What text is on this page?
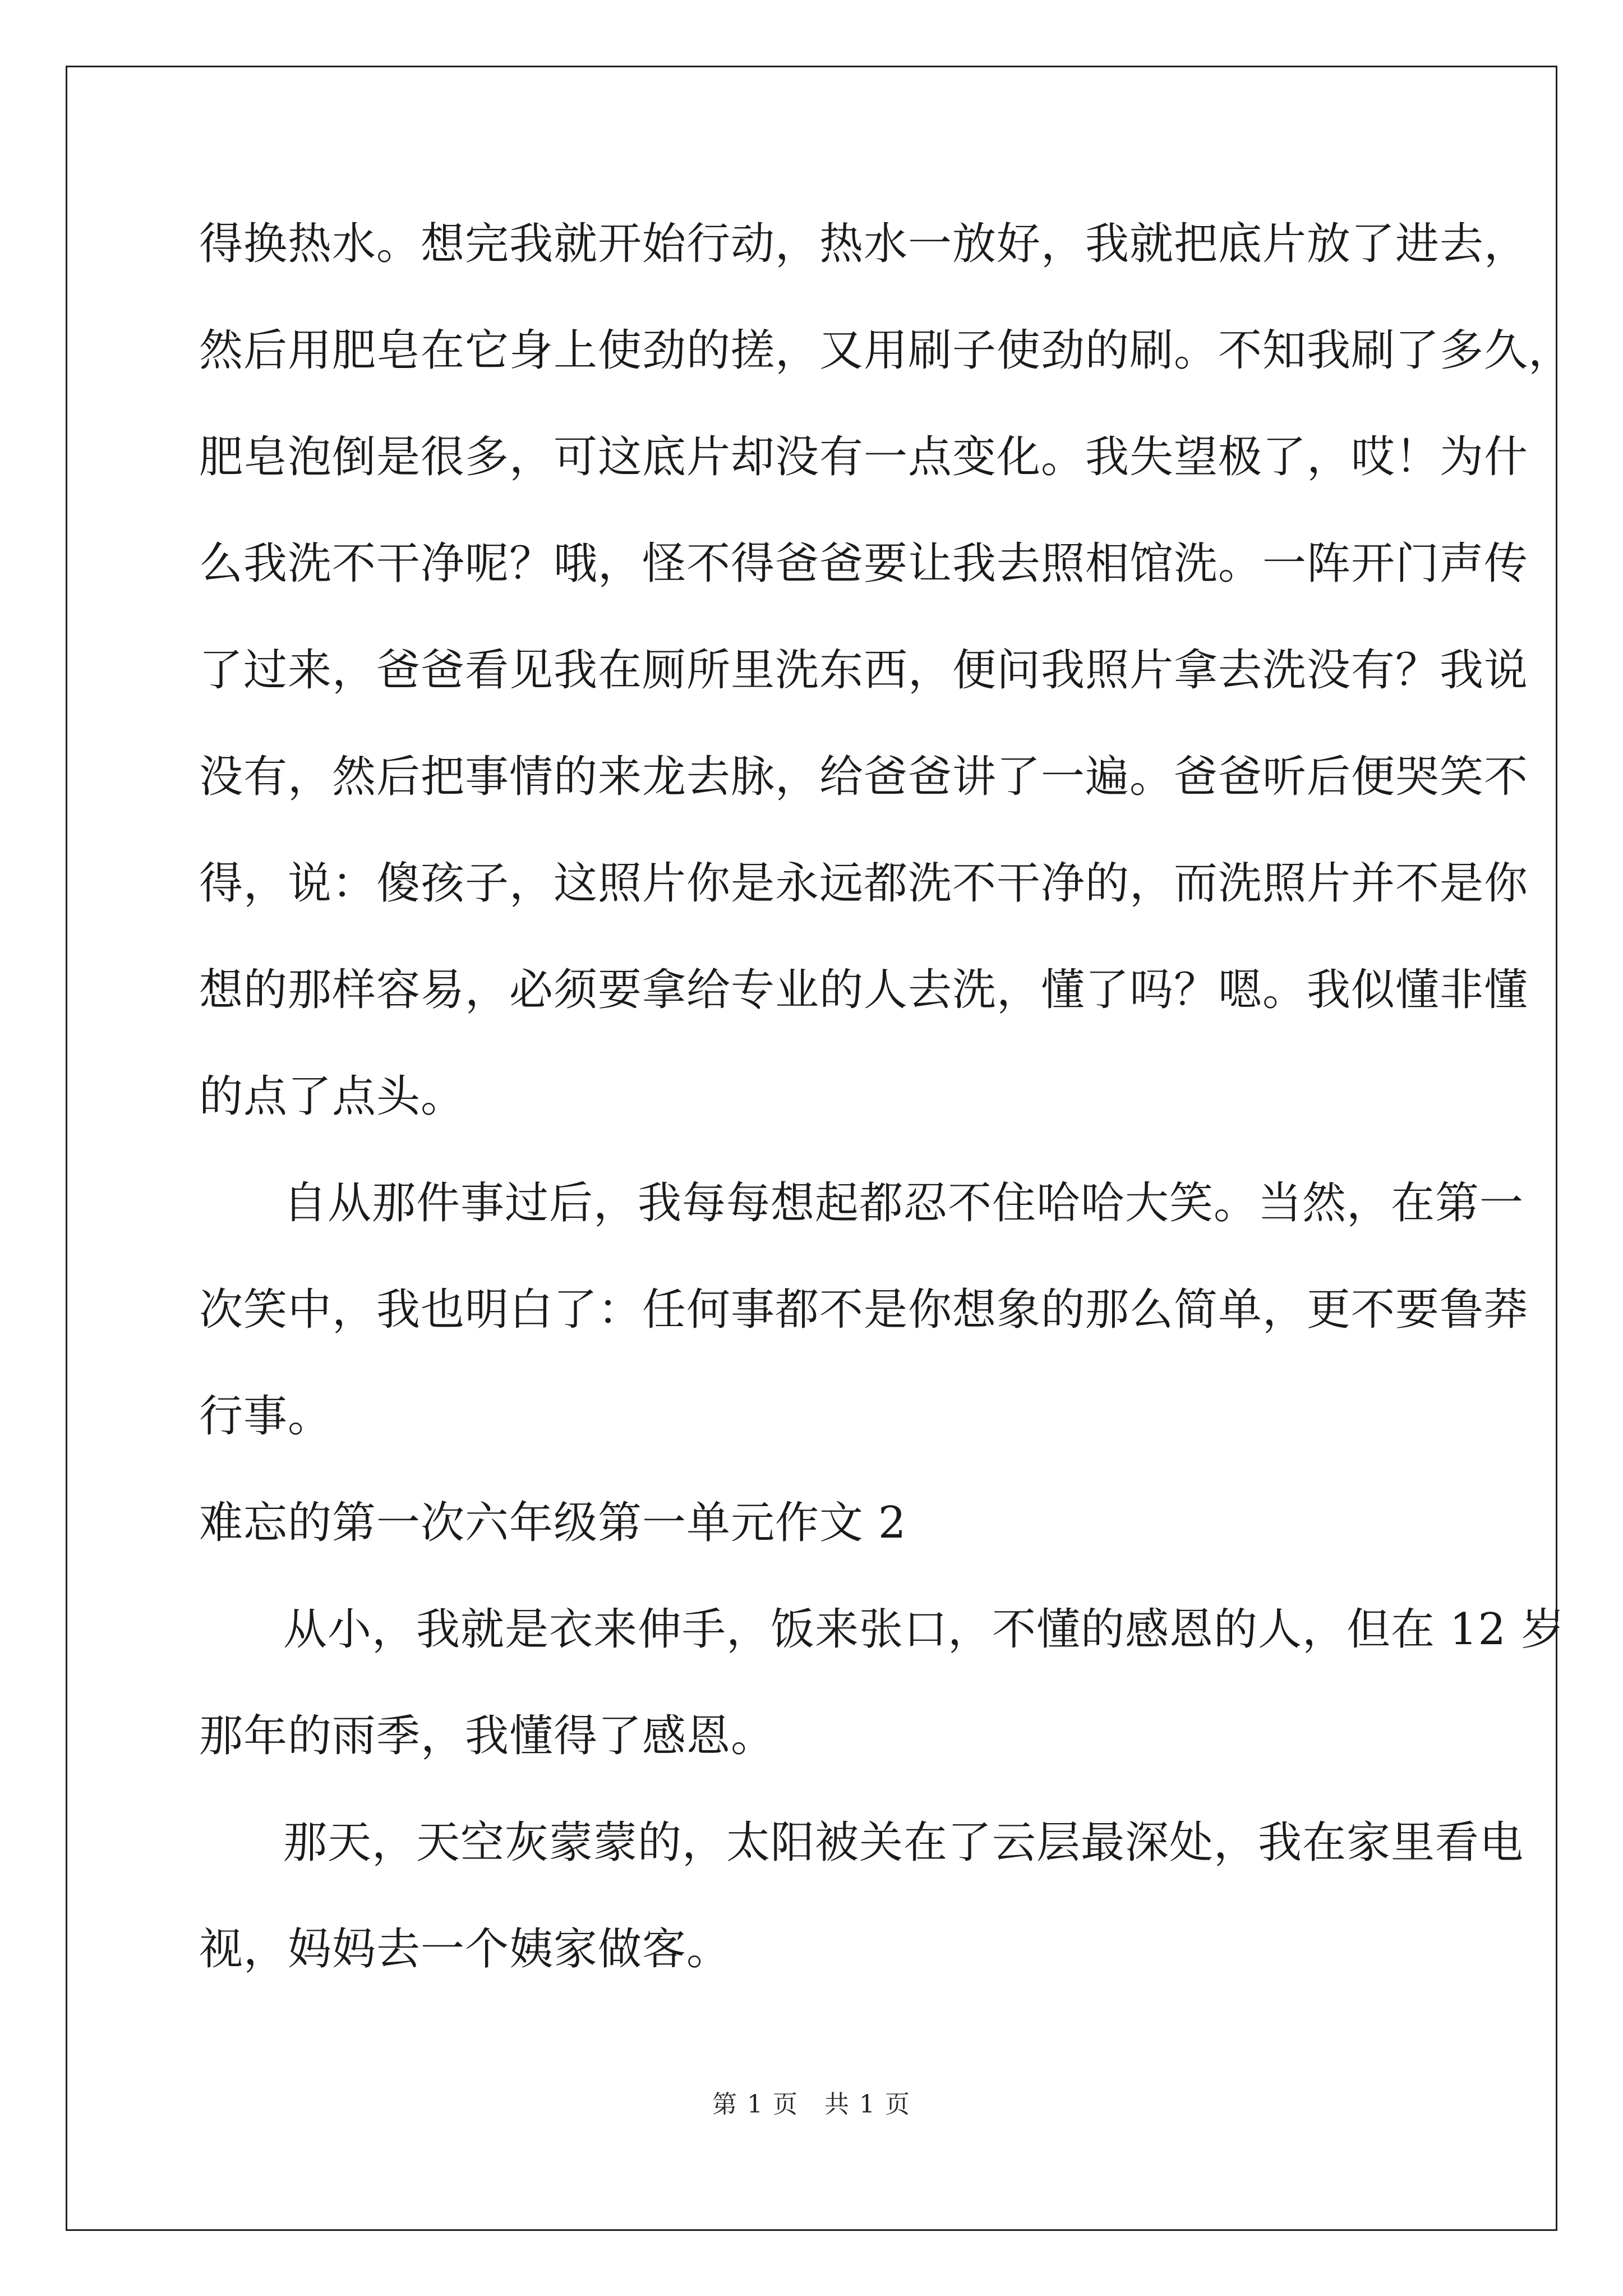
得换热水。想完我就开始行动，热水一放好，我就把底片放了进去，
然后用肥皂在它身上使劲的搓，又用刷子使劲的刷。不知我刷了多久，
肥皂泡倒是很多，可这底片却没有一点变化。我失望极了，哎！为什
么我洗不干净呢？哦，怪不得爸爸要让我去照相馆洗。一阵开门声传
了过来，爸爸看见我在厕所里洗东西，便问我照片拿去洗没有？我说
没有，然后把事情的来龙去脉，给爸爸讲了一遍。爸爸听后便哭笑不
得，说：傻孩子，这照片你是永远都洗不干净的，而洗照片并不是你
想的那样容易，必须要拿给专业的人去洗，懂了吗？嗯。我似懂非懂
的点了点头。
自从那件事过后，我每每想起都忍不住哈哈大笑。当然，在第一
次笑中，我也明白了：任何事都不是你想象的那么简单，更不要鲁莽
行事。
难忘的第一次六年级第一单元作文 2
从小，我就是衣来伸手，饭来张口，不懂的感恩的人，但在 12 岁
那年的雨季，我懂得了感恩。
那天，天空灰蒙蒙的，太阳被关在了云层最深处，我在家里看电
视，妈妈去一个姨家做客。
第 1 页　共 1 页
